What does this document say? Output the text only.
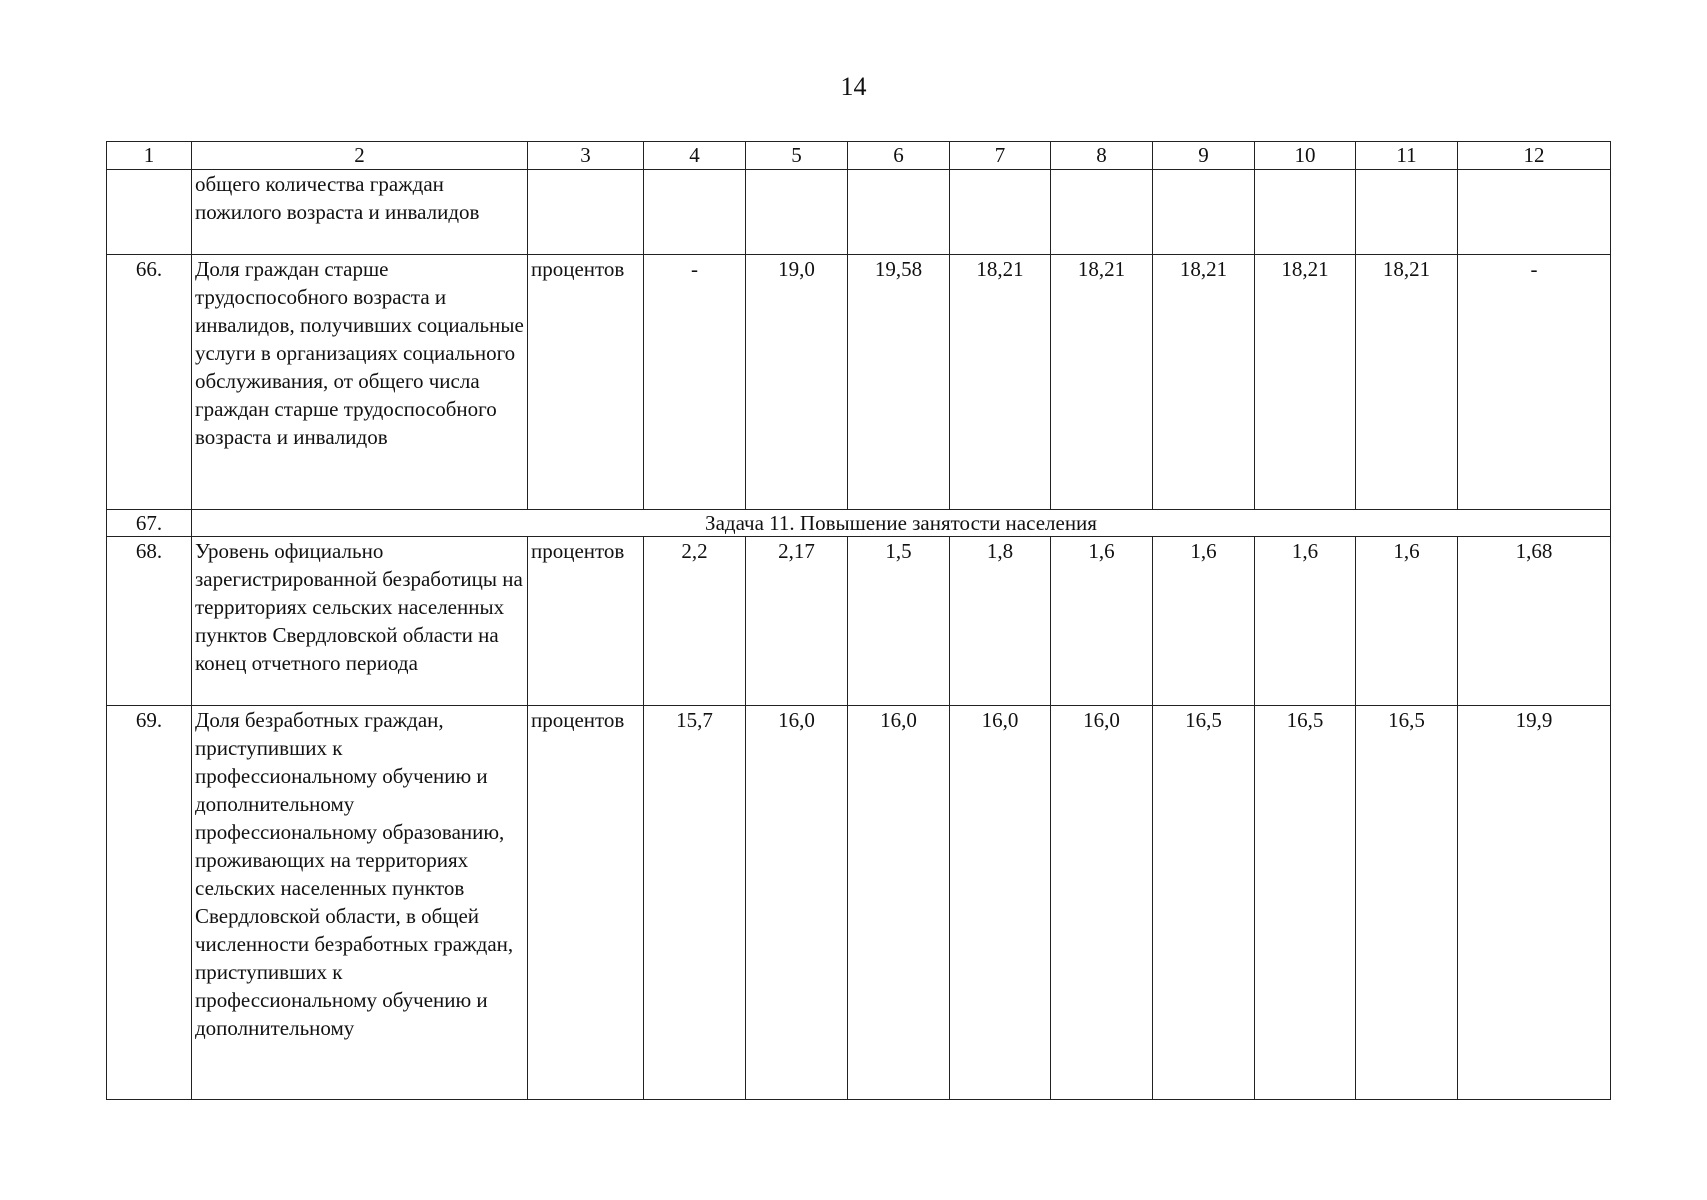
14
1	2	3	4	5	6	7	8	9	10	11	12
	общего количества граждан пожилого возраста и инвалидов										
66.	Доля граждан старше трудоспособного возраста и инвалидов, получивших социальные услуги в организациях социального обслуживания, от общего числа граждан старше трудоспособного возраста и инвалидов	процентов	-	19,0	19,58	18,21	18,21	18,21	18,21	18,21	-
67.	Задача 11. Повышение занятости населения										
68.	Уровень официально зарегистрированной безработицы на территориях сельских населенных пунктов Свердловской области на конец отчетного периода	процентов	2,2	2,17	1,5	1,8	1,6	1,6	1,6	1,6	1,68
69.	Доля безработных граждан, приступивших к профессиональному обучению и дополнительному профессиональному образованию, проживающих на территориях сельских населенных пунктов Свердловской области, в общей численности безработных граждан, приступивших к профессиональному обучению и дополнительному	процентов	15,7	16,0	16,0	16,0	16,0	16,5	16,5	16,5	19,9
